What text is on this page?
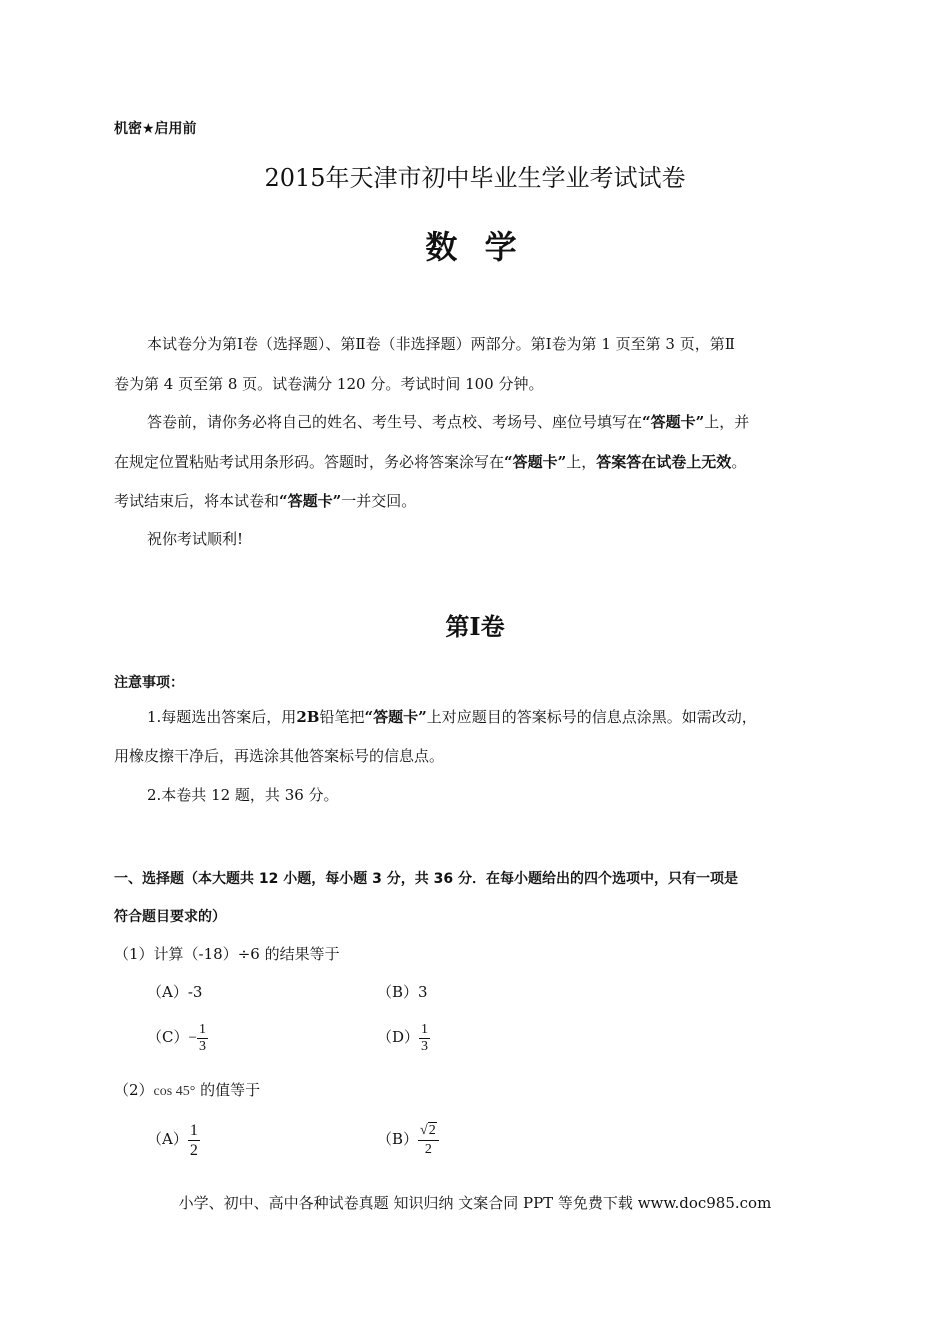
机密★启用前
2015年天津市初中毕业生学业考试试卷
数 学
本试卷分为第Ⅰ卷（选择题）、第Ⅱ卷（非选择题）两部分。第Ⅰ卷为第 1 页至第 3 页，第Ⅱ
卷为第 4 页至第 8 页。试卷满分 120 分。考试时间 100 分钟。
答卷前，请你务必将自己的姓名、考生号、考点校、考场号、座位号填写在“答题卡”上，并
在规定位置粘贴考试用条形码。答题时，务必将答案涂写在“答题卡”上，答案答在试卷上无效。
考试结束后，将本试卷和“答题卡”一并交回。
祝你考试顺利!
第Ⅰ卷
注意事项：
1.每题选出答案后，用2B铅笔把“答题卡”上对应题目的答案标号的信息点涂黑。如需改动，
用橡皮擦干净后，再选涂其他答案标号的信息点。
2.本卷共 12 题，共 36 分。
一、选择题（本大题共 12 小题，每小题 3 分，共 36 分．在每小题给出的四个选项中，只有一项是
符合题目要求的）
（1）计算（-18）÷6 的结果等于
（A）-3	（B）3
$(C)- \frac{1}{3}$	$(D) \frac{1}{3}$
（2）cos 45° 的值等于
$(A) \frac{1}{2}$	$(B) \frac{√2}{2}$
小学、初中、高中各种试卷真题 知识归纳 文案合同 PPT 等免费下载 www.doc985.com
